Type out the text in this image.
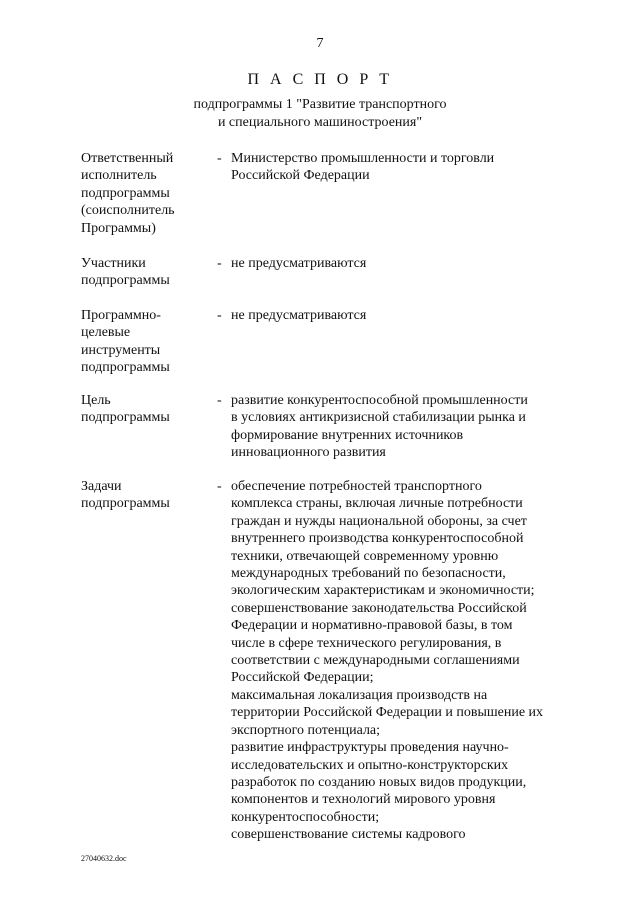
7
П А С П О Р Т
подпрограммы 1 "Развитие транспортного
и специального машиностроения"
Ответственный
исполнитель
подпрограммы
(соисполнитель
Программы)
- Министерство промышленности и торговли
Российской Федерации
Участники
подпрограммы
- не предусматриваются
Программно-
целевые
инструменты
подпрограммы
- не предусматриваются
Цель
подпрограммы
- развитие конкурентоспособной промышленности
в условиях антикризисной стабилизации рынка и
формирование внутренних источников
инновационного развития
Задачи
подпрограммы
- обеспечение потребностей транспортного
комплекса страны, включая личные потребности
граждан и нужды национальной обороны, за счет
внутреннего производства конкурентоспособной
техники, отвечающей современному уровню
международных требований по безопасности,
экологическим характеристикам и экономичности;
совершенствование законодательства Российской
Федерации и нормативно-правовой базы, в том
числе в сфере технического регулирования, в
соответствии с международными соглашениями
Российской Федерации;
максимальная локализация производств на
территории Российской Федерации и повышение их
экспортного потенциала;
развитие инфраструктуры проведения научно-
исследовательских и опытно-конструкторских
разработок по созданию новых видов продукции,
компонентов и технологий мирового уровня
конкурентоспособности;
совершенствование системы кадрового
27040632.doc
